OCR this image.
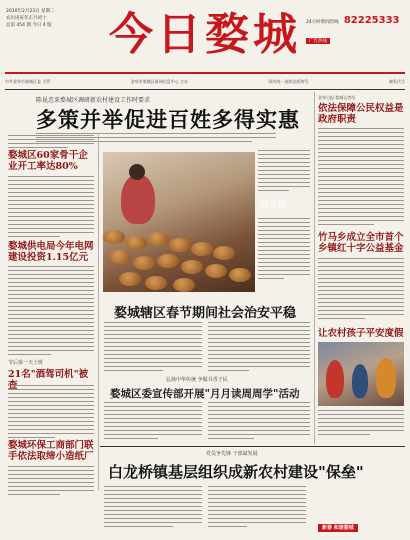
2010年2月23日 星期二
农历庚寅年正月初十
总第 454 期 今日 4 版	今日婺城	24小时新闻热线 82225333
广告热线
中共金华市婺城区委 主管	金华市婺城区新闻信息中心 主办	国内统一连续出版物号	邮发代号
陈昆忠来婺城区调研新农村建设工作时要求
多策并举促进百姓多得实惠
婺城区60家骨干企业开工率达80%
婺城供电局今年电网建设投资1.15亿元
节后第一天上班
21名"酒驾司机"被
婺城环保工商部门联手依法取缔小造纸厂
做年馃
婺城辖区春节期间社会治安平稳
弘扬中华传统 争做书香子民
婺城区委宣传部开展"月月读周周学"活动
金华日报·婺城记者站
依法保障公民权益是政府职责
竹马乡成立全市首个乡镇红十字公益基金
让农村孩子平安度假
党员争先锋 干部谋发展
白龙桥镇基层组织成新农村建设"保垒"
新春 和谐婺城
